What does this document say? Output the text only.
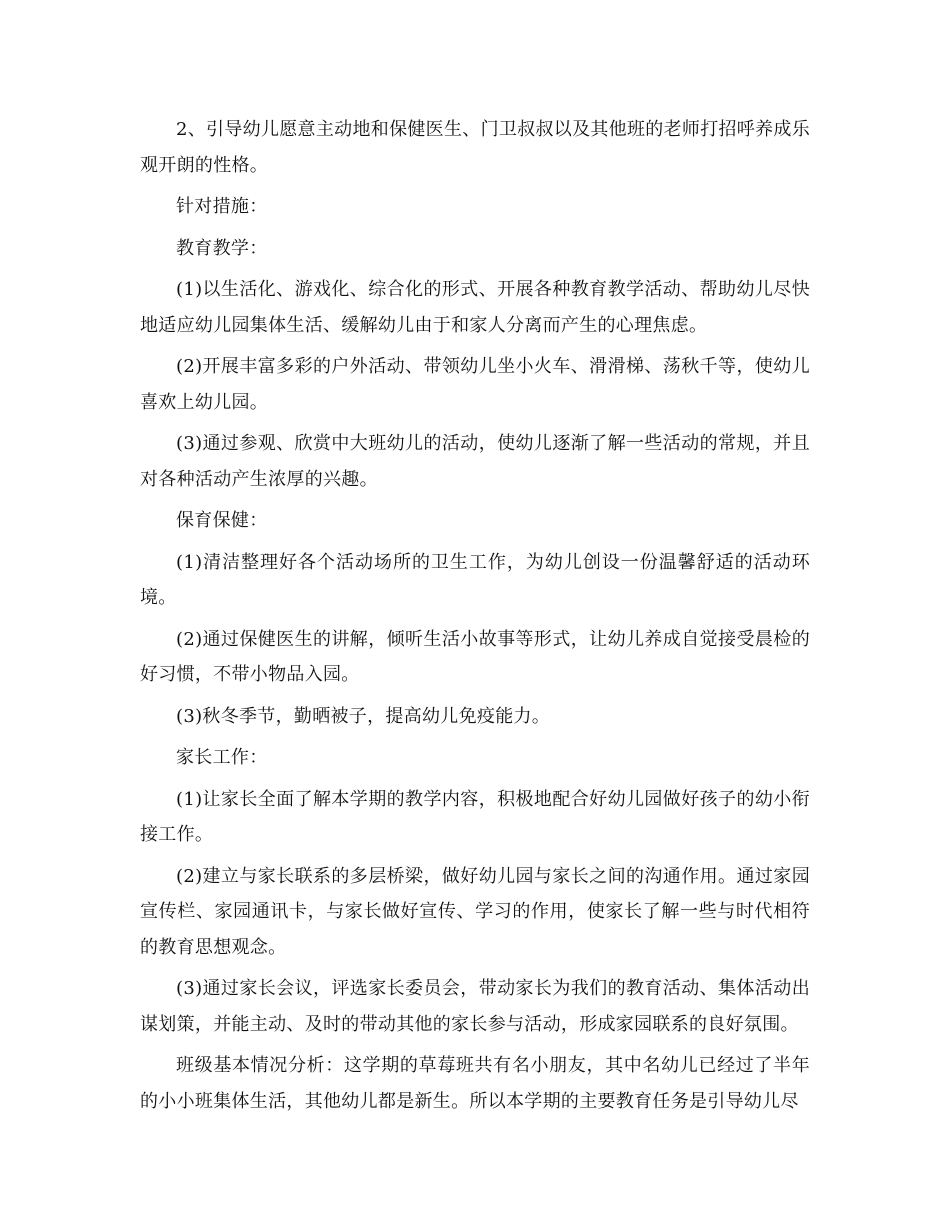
2、引导幼儿愿意主动地和保健医生、门卫叔叔以及其他班的老师打招呼养成乐观开朗的性格。

针对措施：

教育教学：

(1)以生活化、游戏化、综合化的形式、开展各种教育教学活动、帮助幼儿尽快地适应幼儿园集体生活、缓解幼儿由于和家人分离而产生的心理焦虑。

(2)开展丰富多彩的户外活动、带领幼儿坐小火车、滑滑梯、荡秋千等，使幼儿喜欢上幼儿园。

(3)通过参观、欣赏中大班幼儿的活动，使幼儿逐渐了解一些活动的常规，并且对各种活动产生浓厚的兴趣。

保育保健：

(1)清洁整理好各个活动场所的卫生工作，为幼儿创设一份温馨舒适的活动环境。

(2)通过保健医生的讲解，倾听生活小故事等形式，让幼儿养成自觉接受晨检的好习惯，不带小物品入园。

(3)秋冬季节，勤晒被子，提高幼儿免疫能力。

家长工作：

(1)让家长全面了解本学期的教学内容，积极地配合好幼儿园做好孩子的幼小衔接工作。

(2)建立与家长联系的多层桥梁，做好幼儿园与家长之间的沟通作用。通过家园宣传栏、家园通讯卡，与家长做好宣传、学习的作用，使家长了解一些与时代相符的教育思想观念。

(3)通过家长会议，评选家长委员会，带动家长为我们的教育活动、集体活动出谋划策，并能主动、及时的带动其他的家长参与活动，形成家园联系的良好氛围。

班级基本情况分析：这学期的草莓班共有名小朋友，其中名幼儿已经过了半年的小小班集体生活，其他幼儿都是新生。所以本学期的主要教育任务是引导幼儿尽
